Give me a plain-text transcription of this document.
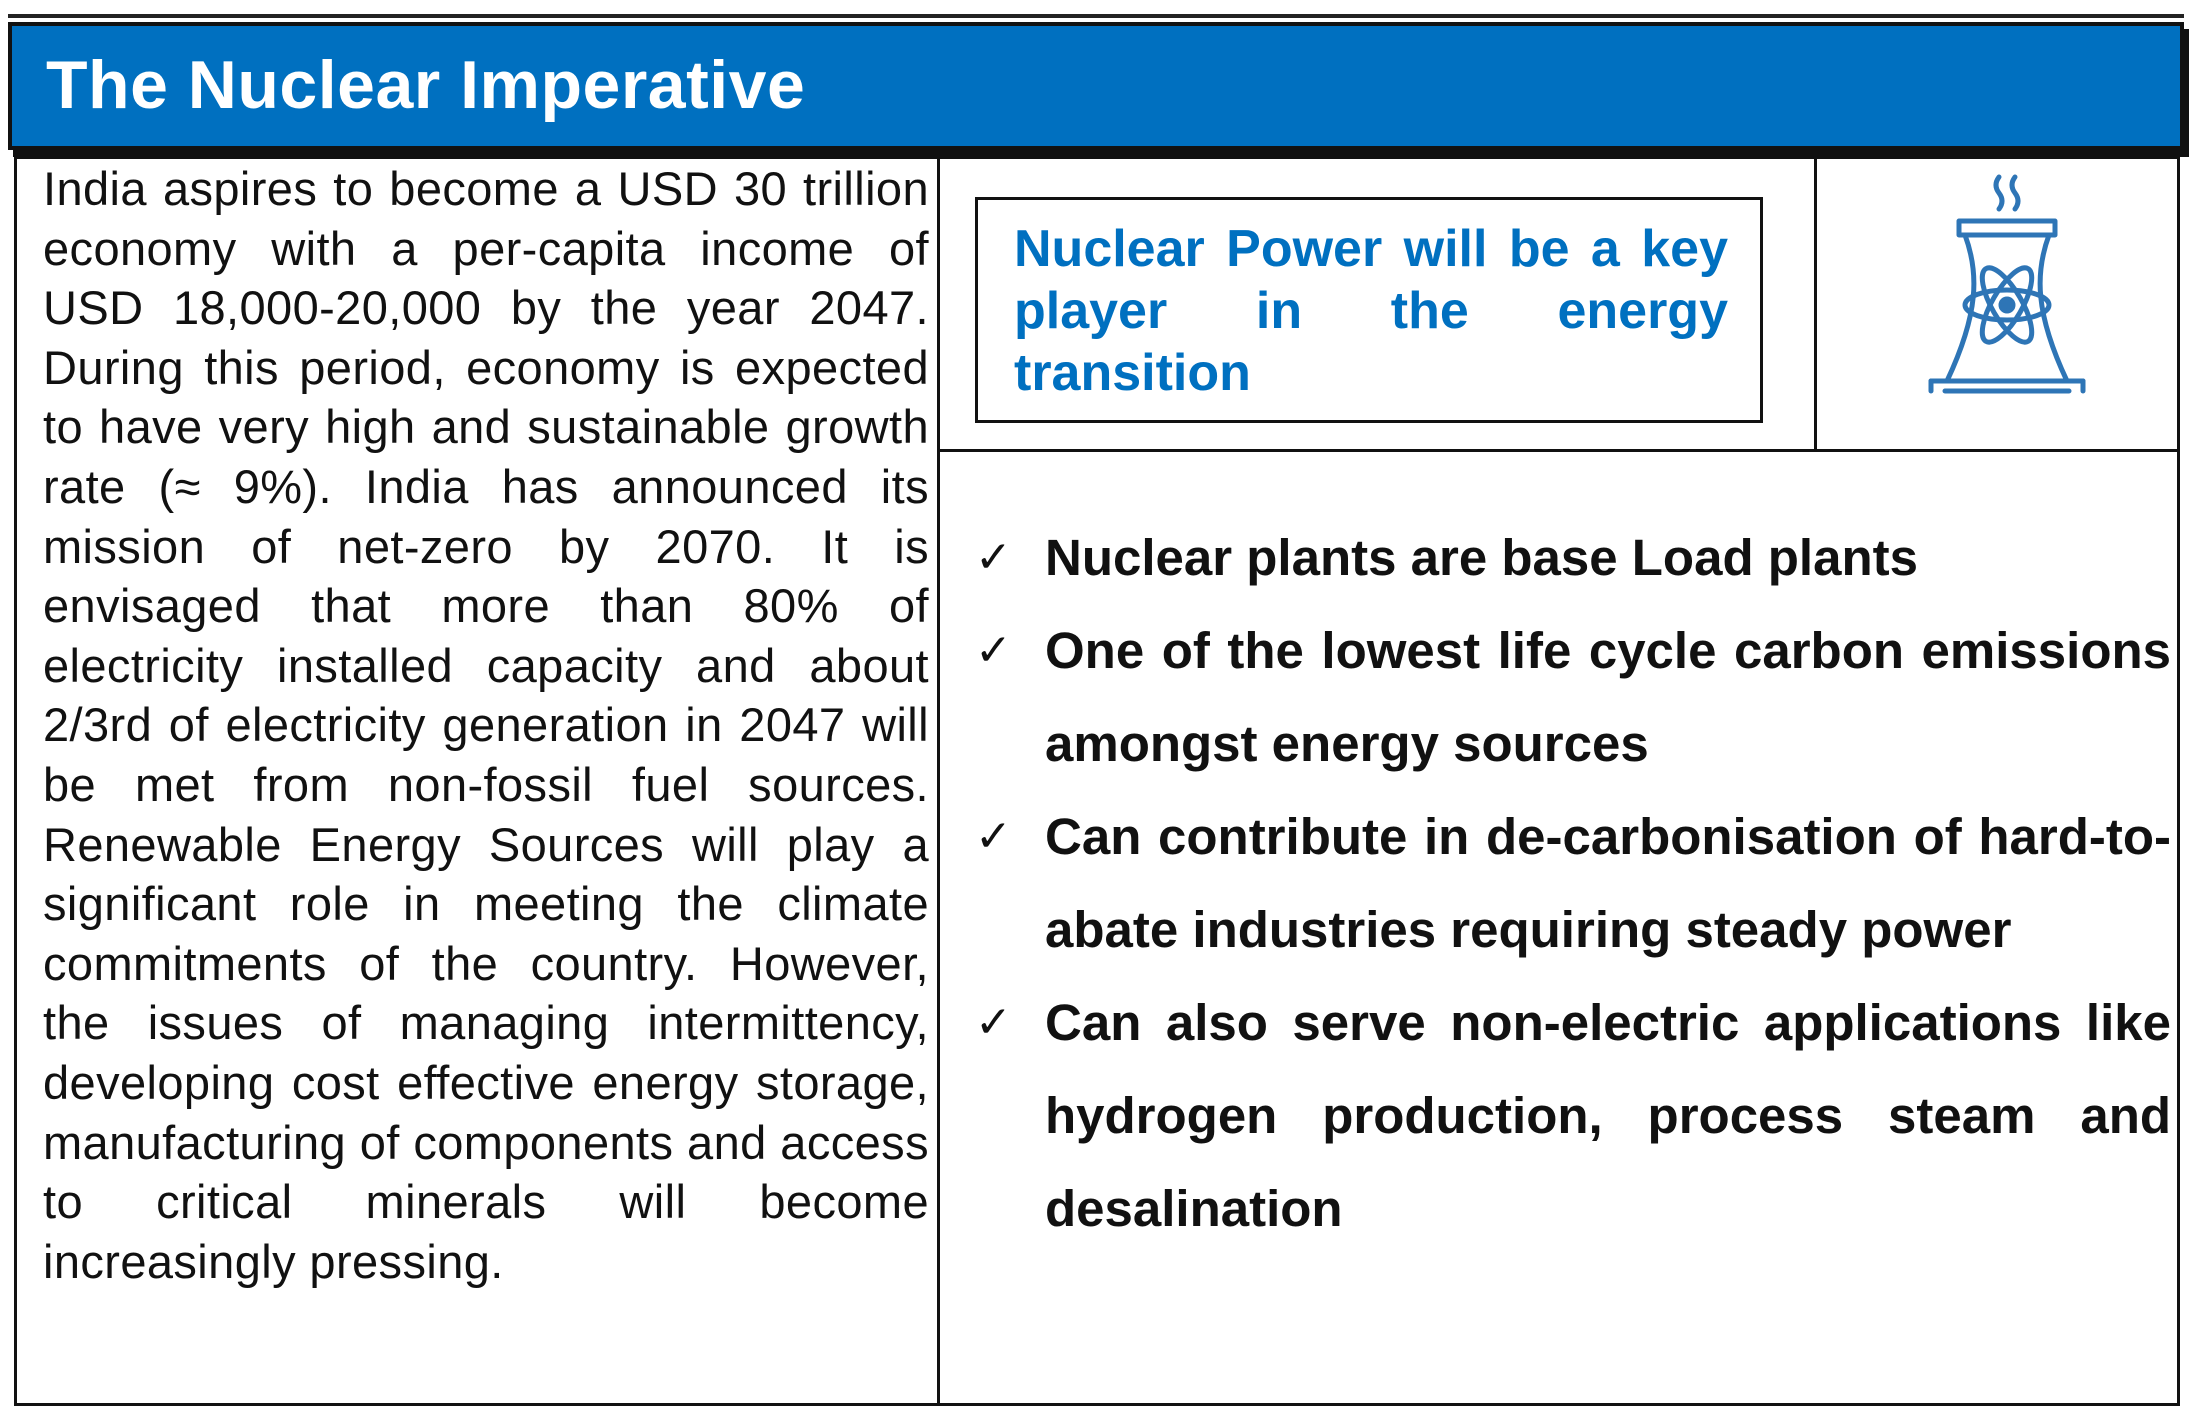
The Nuclear Imperative
India aspires to become a USD 30 trillion economy with a per-capita income of USD 18,000-20,000 by the year 2047. During this period, economy is expected to have very high and sustainable growth rate (≈ 9%). India has announced its mission of net-zero by 2070. It is envisaged that more than 80% of electricity installed capacity and about 2/3rd of electricity generation in 2047 will be met from non-fossil fuel sources. Renewable Energy Sources will play a significant role in meeting the climate commitments of the country. However, the issues of managing intermittency, developing cost effective energy storage, manufacturing of components and access to critical minerals will become increasingly pressing.
Nuclear Power will be a key player in the energy transition
✓ Nuclear plants are base Load plants
✓ One of the lowest life cycle carbon emissions amongst energy sources
✓ Can contribute in de-carbonisation of hard-to-abate industries requiring steady power
✓ Can also serve non-electric applications like hydrogen production, process steam and desalination
